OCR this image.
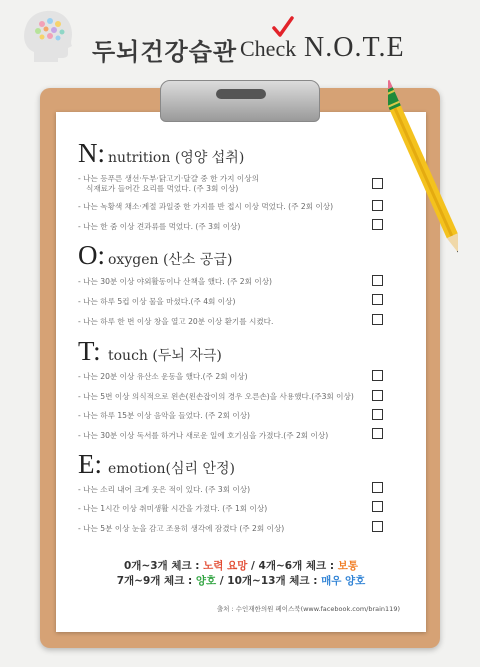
두뇌건강습관 Check N.O.T.E
N: nutrition (영양 섭취)
- 나는 등푸른 생선·두부·닭고기·달걀 중 한 가지 이상의
식재료가 들어간 요리를 먹었다. (주 3회 이상)
- 나는 녹황색 채소·계절 과일중 한 가지를 반 접시 이상 먹었다. (주 2회 이상)
- 나는 한 줌 이상 견과류를 먹었다. (주 3회 이상)
O: oxygen (산소 공급)
- 나는 30분 이상 야외활동이나 산책을 했다. (주 2회 이상)
- 나는 하루 5컵 이상 물을 마셨다.(주 4회 이상)
- 나는 하루 한 번 이상 창을 열고 20분 이상 환기를 시켰다.
T: touch (두뇌 자극)
- 나는 20분 이상 유산소 운동을 했다.(주 2회 이상)
- 나는 5번 이상 의식적으로 왼손(왼손잡이의 경우 오른손)을 사용했다.(주3회 이상)
- 나는 하루 15분 이상 음악을 들었다. (주 2회 이상)
- 나는 30분 이상 독서를 하거나 새로운 일에 호기심을 가졌다.(주 2회 이상)
E: emotion(심리 안정)
- 나는 소리 내어 크게 웃은 적이 있다. (주 3회 이상)
- 나는 1시간 이상 취미생활 시간을 가졌다. (주 1회 이상)
- 나는 5분 이상 눈을 감고 조용히 생각에 잠겼다 (주 2회 이상)
0개~3개 체크 : 노력 요망 / 4개~6개 체크 : 보통
7개~9개 체크 : 양호 / 10개~13개 체크 : 매우 양호
출처 : 수인재한의원 페이스북(www.facebook.com/brain119)
